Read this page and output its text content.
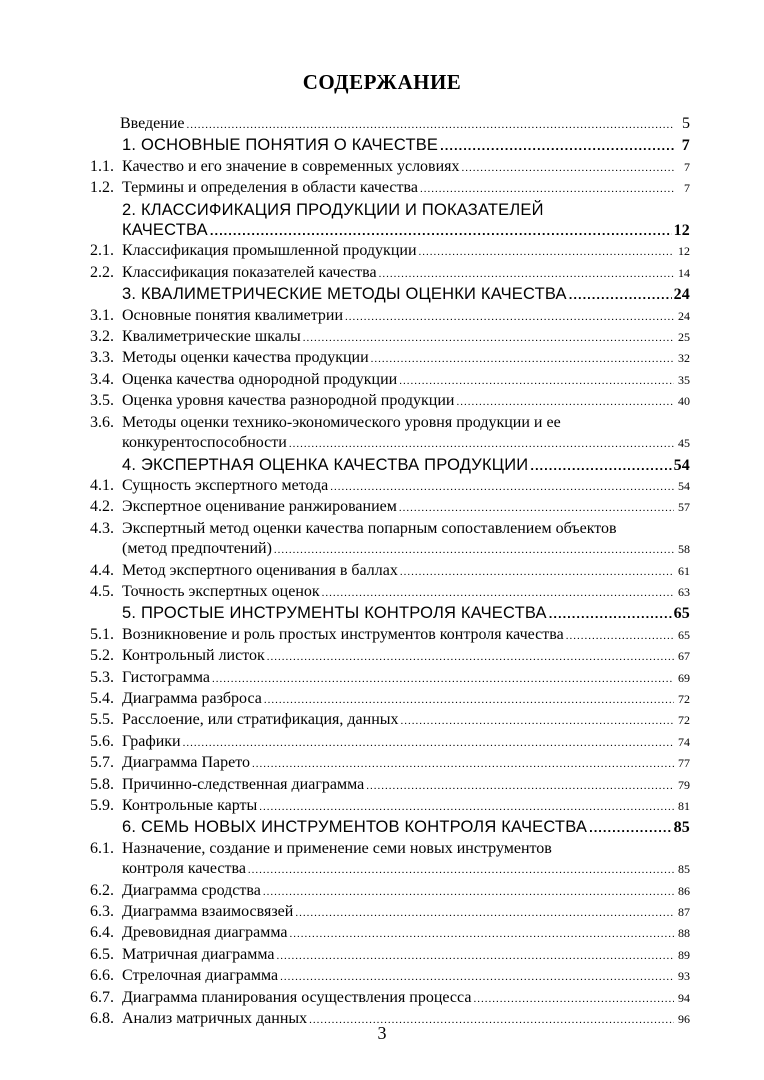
СОДЕРЖАНИЕ
Введение .....	5
1. ОСНОВНЫЕ ПОНЯТИЯ О КАЧЕСТВЕ .....	7
1.1. Качество и его значение в современных условиях .....	7
1.2. Термины и определения в области качества .....	7
2. КЛАССИФИКАЦИЯ ПРОДУКЦИИ И ПОКАЗАТЕЛЕЙ
КАЧЕСТВА .....	12
2.1. Классификация промышленной продукции .....	12
2.2. Классификация показателей качества .....	14
3. КВАЛИМЕТРИЧЕСКИЕ МЕТОДЫ ОЦЕНКИ КАЧЕСТВА .....	24
3.1. Основные понятия квалиметрии .....	24
3.2. Квалиметрические шкалы .....	25
3.3. Методы оценки качества продукции .....	32
3.4. Оценка качества однородной продукции .....	35
3.5. Оценка уровня качества разнородной продукции .....	40
3.6. Методы оценки технико-экономического уровня продукции и ее
конкурентоспособности .....	45
4. ЭКСПЕРТНАЯ ОЦЕНКА КАЧЕСТВА ПРОДУКЦИИ .....	54
4.1. Сущность экспертного метода .....	54
4.2. Экспертное оценивание ранжированием .....	57
4.3. Экспертный метод оценки качества попарным сопоставлением объектов
(метод предпочтений) .....	58
4.4. Метод экспертного оценивания в баллах .....	61
4.5. Точность экспертных оценок .....	63
5. ПРОСТЫЕ ИНСТРУМЕНТЫ КОНТРОЛЯ КАЧЕСТВА .....	65
5.1. Возникновение и роль простых инструментов контроля качества .....	65
5.2. Контрольный листок .....	67
5.3. Гистограмма .....	69
5.4. Диаграмма разброса .....	72
5.5. Расслоение, или стратификация, данных .....	72
5.6. Графики .....	74
5.7. Диаграмма Парето .....	77
5.8. Причинно-следственная диаграмма .....	79
5.9. Контрольные карты .....	81
6. СЕМЬ НОВЫХ ИНСТРУМЕНТОВ КОНТРОЛЯ КАЧЕСТВА .....	85
6.1. Назначение, создание и применение семи новых инструментов
контроля качества .....	85
6.2. Диаграмма сродства .....	86
6.3. Диаграмма взаимосвязей .....	87
6.4. Древовидная диаграмма .....	88
6.5. Матричная диаграмма .....	89
6.6. Стрелочная диаграмма .....	93
6.7. Диаграмма планирования осуществления процесса .....	94
6.8. Анализ матричных данных .....	96
3
